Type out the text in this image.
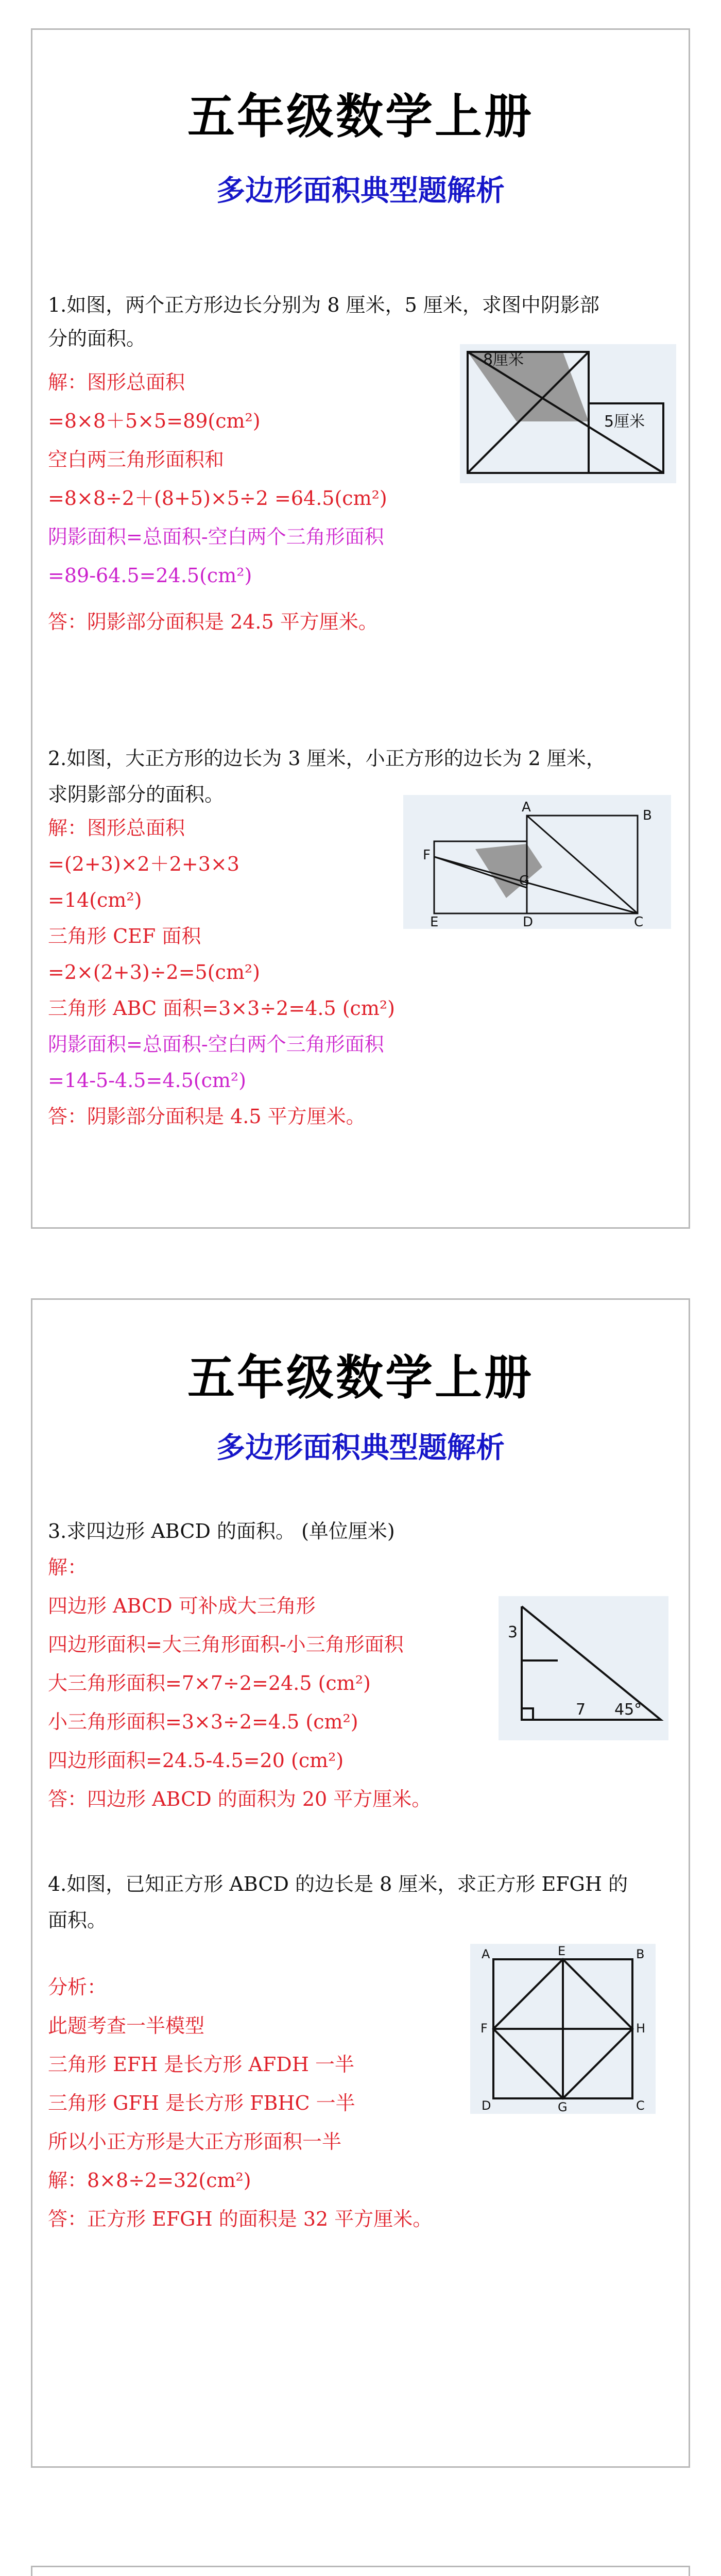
五年级数学上册
多边形面积典型题解析
1.如图，两个正方形边长分别为 8 厘米，5 厘米，求图中阴影部
分的面积。
解：图形总面积
=8×8＋5×5=89(cm²)
空白两三角形面积和
=8×8÷2＋(8+5)×5÷2 =64.5(cm²)
阴影面积=总面积-空白两个三角形面积
=89-64.5=24.5(cm²)
答：阴影部分面积是 24.5 平方厘米。
8厘米
5厘米
2.如图，大正方形的边长为 3 厘米，小正方形的边长为 2 厘米，
求阴影部分的面积。
解：图形总面积
=(2+3)×2＋2+3×3
=14(cm²)
三角形 CEF 面积
=2×(2+3)÷2=5(cm²)
三角形 ABC 面积=3×3÷2=4.5 (cm²)
阴影面积=总面积-空白两个三角形面积
=14-5-4.5=4.5(cm²)
答：阴影部分面积是 4.5 平方厘米。
A
B
F
G
E	D	C
五年级数学上册
多边形面积典型题解析
3.求四边形 ABCD 的面积。 (单位厘米)
解：
四边形 ABCD 可补成大三角形
四边形面积=大三角形面积-小三角形面积
大三角形面积=7×7÷2=24.5 (cm²)
小三角形面积=3×3÷2=4.5 (cm²)
四边形面积=24.5-4.5=20 (cm²)
答：四边形 ABCD 的面积为 20 平方厘米。
3
7 45°
4.如图，已知正方形 ABCD 的边长是 8 厘米，求正方形 EFGH 的
面积。
分析：
此题考查一半模型
三角形 EFH 是长方形 AFDH 一半
三角形 GFH 是长方形 FBHC 一半
所以小正方形是大正方形面积一半
解：8×8÷2=32(cm²)
答：正方形 EFGH 的面积是 32 平方厘米。
A	E	B
F	H
D	G	C
